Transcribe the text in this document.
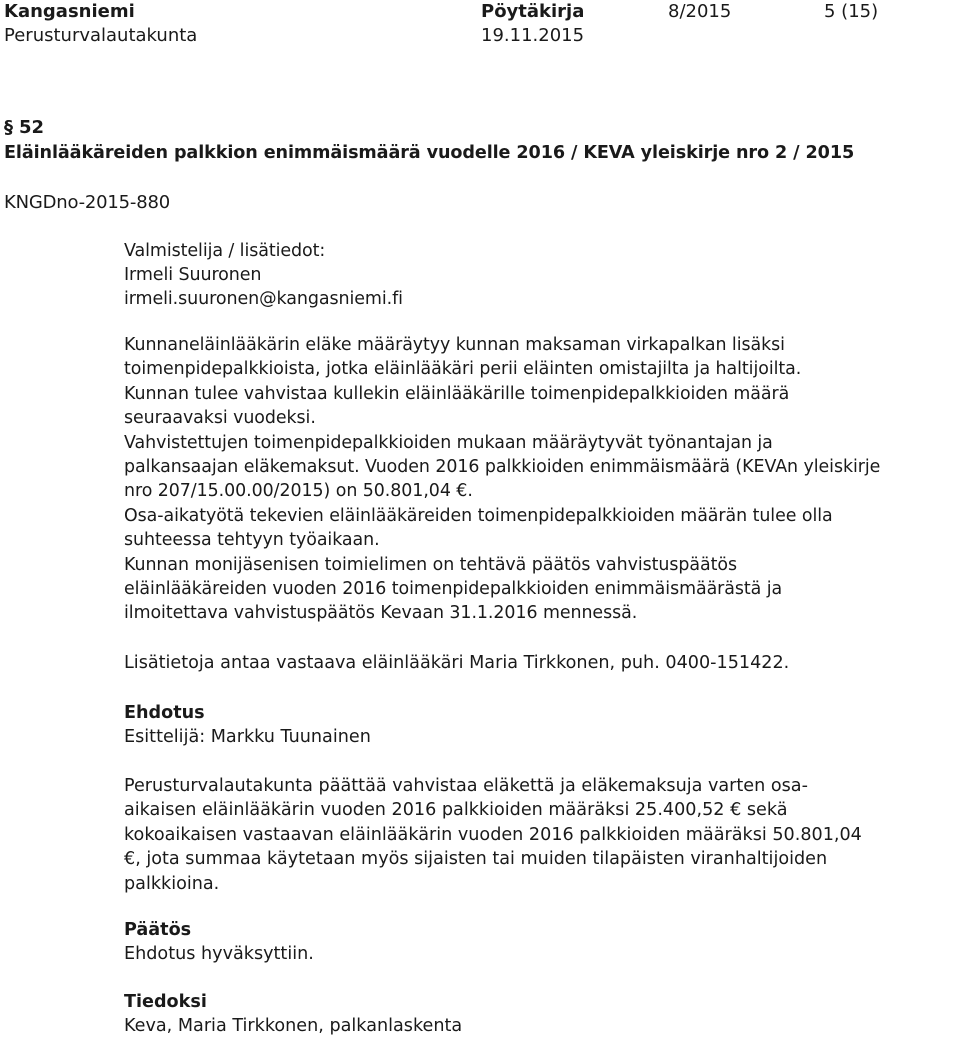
Kangasniemi
Perusturvalautakunta
Pöytäkirja
19.11.2015
8/2015	5 (15)
§ 52
Eläinlääkäreiden palkkion enimmäismäärä vuodelle 2016 / KEVA yleiskirje nro 2 / 2015
KNGDno-2015-880
Valmistelija / lisätiedot:
Irmeli Suuronen
irmeli.suuronen@kangasniemi.fi

Kunnaneläinlääkärin eläke määräytyy kunnan maksaman virkapalkan lisäksi toimenpidepalkkioista, jotka eläinlääkäri perii eläinten omistajilta ja haltijoilta.

Kunnan tulee vahvistaa kullekin eläinlääkärille toimenpidepalkkioiden määrä seuraavaksi vuodeksi.

Vahvistettujen toimenpidepalkkioiden mukaan määräytyvät työnantajan ja palkansaajan eläkemaksut. Vuoden 2016 palkkioiden enimmäismäärä (KEVAn yleiskirje nro 207/15.00.00/2015) on 50.801,04 €.

Osa-aikatyötä tekevien eläinlääkäreiden toimenpidepalkkioiden määrän tulee olla suhteessa tehtyyn työaikaan.

Kunnan monijäsenisen toimielimen on tehtävä päätös vahvistuspäätös eläinlääkäreiden vuoden 2016 toimenpidepalkkioiden enimmäismäärästä ja ilmoitettava vahvistuspäätös Kevaan 31.1.2016 mennessä.

Lisätietoja antaa vastaava eläinlääkäri Maria Tirkkonen, puh. 0400-151422.
Ehdotus
Esittelijä: Markku Tuunainen
Perusturvalautakunta päättää vahvistaa eläkettä ja eläkemaksuja varten osa-aikaisen eläinlääkärin vuoden 2016 palkkioiden määräksi 25.400,52 € sekä kokoaikaisen vastaavan eläinlääkärin vuoden 2016 palkkioiden määräksi 50.801,04 €, jota summaa käytetaan myös sijaisten tai muiden tilapäisten viranhaltijoiden palkkioina.
Päätös
Ehdotus hyväksyttiin.
Tiedoksi
Keva, Maria Tirkkonen, palkanlaskenta
